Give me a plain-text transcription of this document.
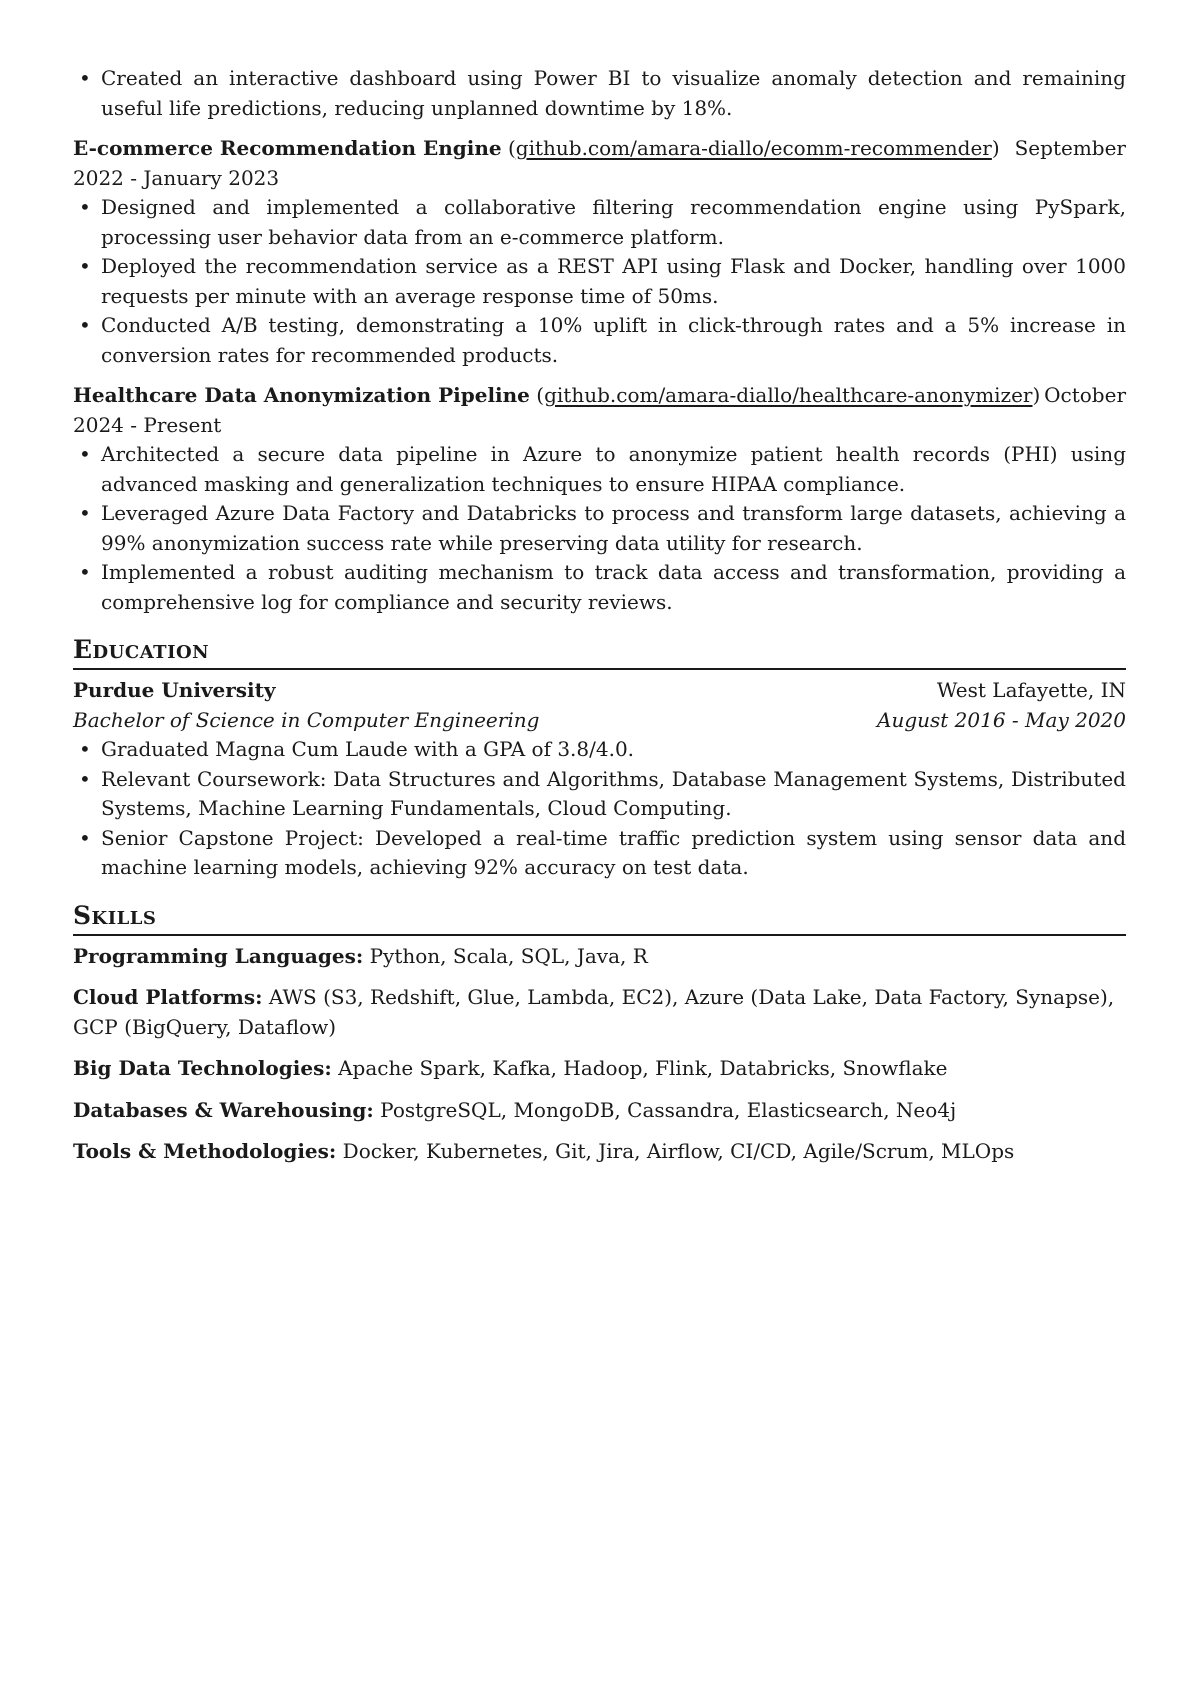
• Created an interactive dashboard using Power BI to visualize anomaly detection and remaining useful life predictions, reducing unplanned downtime by 18%.
E-commerce Recommendation Engine (github.com/amara-diallo/ecomm-recommender) September
2022 - January 2023
• Designed and implemented a collaborative filtering recommendation engine using PySpark, processing user behavior data from an e-commerce platform.
• Deployed the recommendation service as a REST API using Flask and Docker, handling over 1000 requests per minute with an average response time of 50ms.
• Conducted A/B testing, demonstrating a 10% uplift in click-through rates and a 5% increase in conversion rates for recommended products.
Healthcare Data Anonymization Pipeline (github.com/amara-diallo/healthcare-anonymizer) October
2024 - Present
• Architected a secure data pipeline in Azure to anonymize patient health records (PHI) using advanced masking and generalization techniques to ensure HIPAA compliance.
• Leveraged Azure Data Factory and Databricks to process and transform large datasets, achieving a 99% anonymization success rate while preserving data utility for research.
• Implemented a robust auditing mechanism to track data access and transformation, providing a comprehensive log for compliance and security reviews.
Education
Purdue University	West Lafayette, IN
Bachelor of Science in Computer Engineering	August 2016 - May 2020
• Graduated Magna Cum Laude with a GPA of 3.8/4.0.
• Relevant Coursework: Data Structures and Algorithms, Database Management Systems, Distributed Systems, Machine Learning Fundamentals, Cloud Computing.
• Senior Capstone Project: Developed a real-time traffic prediction system using sensor data and machine learning models, achieving 92% accuracy on test data.
Skills
Programming Languages: Python, Scala, SQL, Java, R
Cloud Platforms: AWS (S3, Redshift, Glue, Lambda, EC2), Azure (Data Lake, Data Factory, Synapse), GCP (BigQuery, Dataflow)
Big Data Technologies: Apache Spark, Kafka, Hadoop, Flink, Databricks, Snowflake
Databases & Warehousing: PostgreSQL, MongoDB, Cassandra, Elasticsearch, Neo4j
Tools & Methodologies: Docker, Kubernetes, Git, Jira, Airflow, CI/CD, Agile/Scrum, MLOps
